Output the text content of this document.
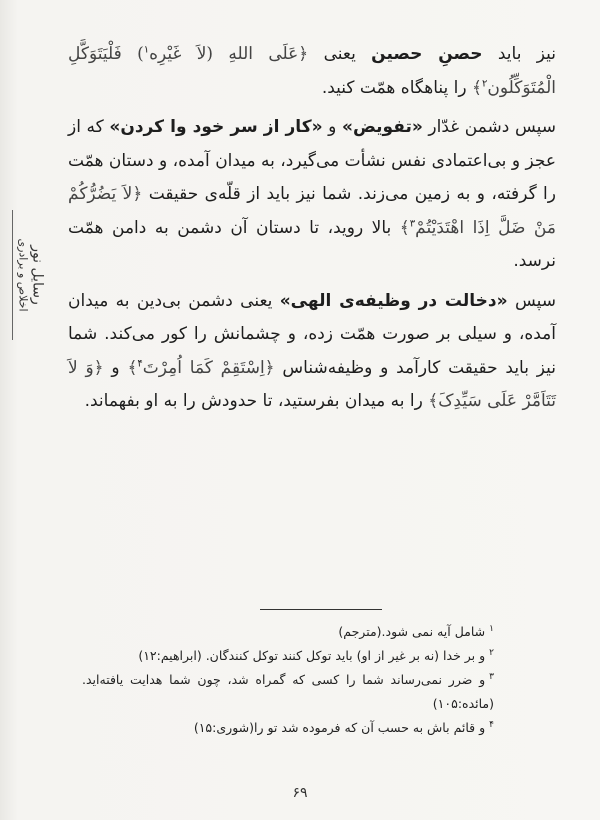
رسایل نور
اخلاص و برادری

نیز باید حصنِ حصین یعنی ﴿عَلَی اللهِ (لاَ غَیْرِه$^۱$) فَلْیَتَوَکَّلِ الْمُتَوَکِّلُون$^۲$﴾ را پناهگاه همّت کنید.

سپس دشمن غدّار «تفویض» و «کار از سر خود وا کردن» که از عجز و بی‌اعتمادی نفس نشأت می‌گیرد، به میدان آمده، و دستان همّت را گرفته، و به زمین می‌زند. شما نیز باید از قلّه‌ی حقیقت ﴿لاَ یَضُرُّکُمْ مَنْ ضَلَّ اِذَا اهْتَدَیْتُمْ$^۳$﴾ بالا روید، تا دستان آن دشمن به دامن همّت نرسد.

سپس «دخالت در وظیفه‌ی الهی» یعنی دشمن بی‌دین به میدان آمده، و سیلی بر صورت همّت زده، و چشمانش را کور می‌کند. شما نیز باید حقیقت کارآمد و وظیفه‌شناس ﴿اِسْتَقِمْ کَمَا اُمِرْتَ$^۴$﴾ و ﴿وَ لاَ تَتَاَمَّرْ عَلَی سَیِّدِکَ﴾ را به میدان بفرستید، تا حدودش را به او بفهماند.

$^۱$شامل آیه نمی شود.(مترجم)

$^۲$و بر خدا (نه بر غیر از او) باید توکل کنند توکل کنندگان. (ابراهیم:۱۲)

$^۳$و ضرر نمی‌رساند شما را کسی که گمراه شد، چون شما هدایت یافته‌اید.(مائده:۱۰۵)

$^۴$و قائم باش به حسب آن که فرموده شد تو را(شوری:۱۵)

۶۹
